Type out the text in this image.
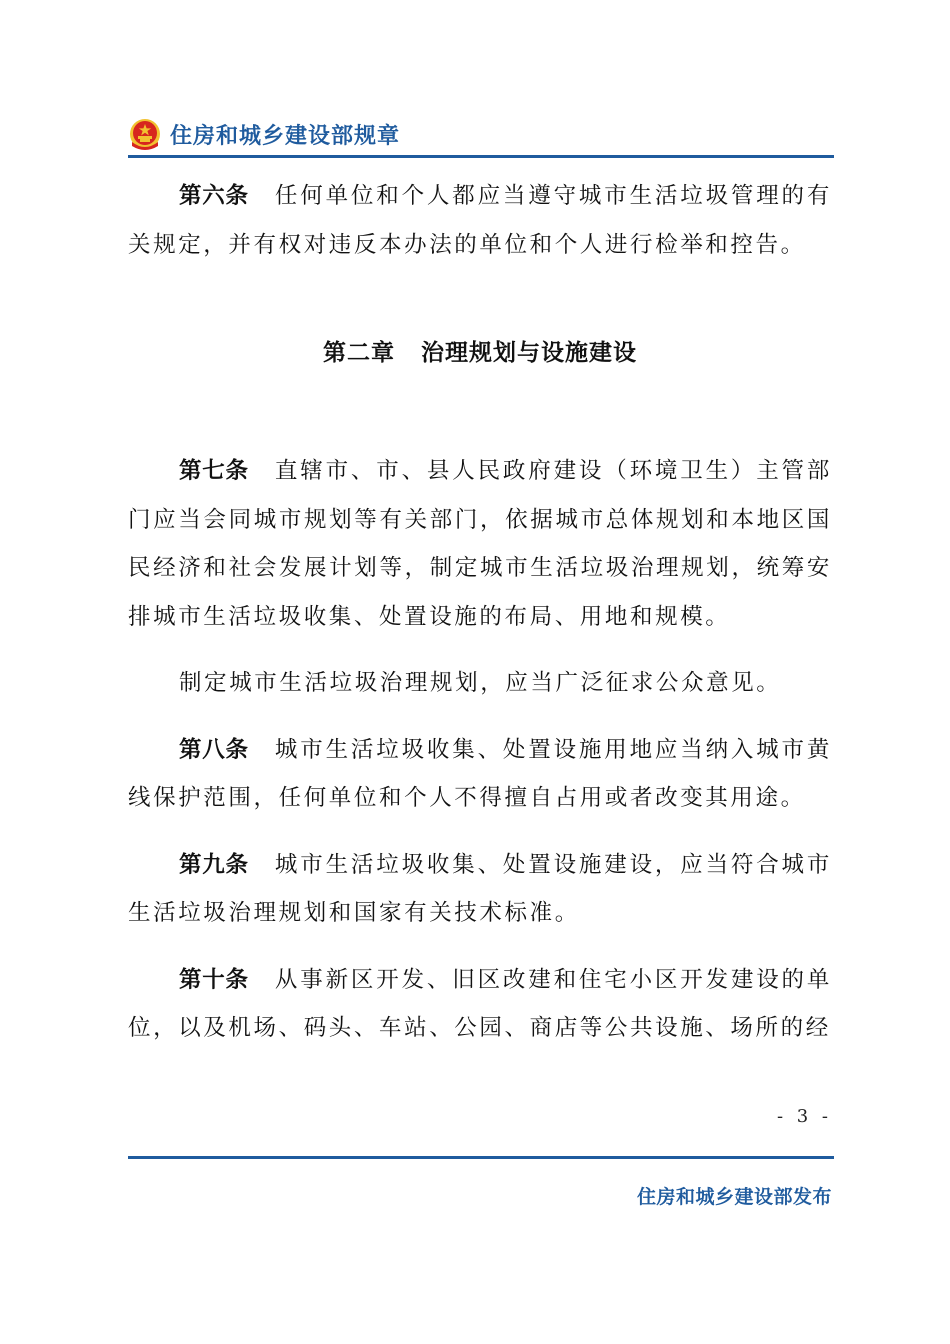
住房和城乡建设部规章

第六条 任何单位和个人都应当遵守城市生活垃圾管理的有关规定，并有权对违反本办法的单位和个人进行检举和控告。

第二章 治理规划与设施建设

第七条 直辖市、市、县人民政府建设（环境卫生）主管部门应当会同城市规划等有关部门，依据城市总体规划和本地区国民经济和社会发展计划等，制定城市生活垃圾治理规划，统筹安排城市生活垃圾收集、处置设施的布局、用地和规模。

制定城市生活垃圾治理规划，应当广泛征求公众意见。

第八条 城市生活垃圾收集、处置设施用地应当纳入城市黄线保护范围，任何单位和个人不得擅自占用或者改变其用途。

第九条 城市生活垃圾收集、处置设施建设，应当符合城市生活垃圾治理规划和国家有关技术标准。

第十条 从事新区开发、旧区改建和住宅小区开发建设的单位，以及机场、码头、车站、公园、商店等公共设施、场所的经

- 3 -
住房和城乡建设部发布
